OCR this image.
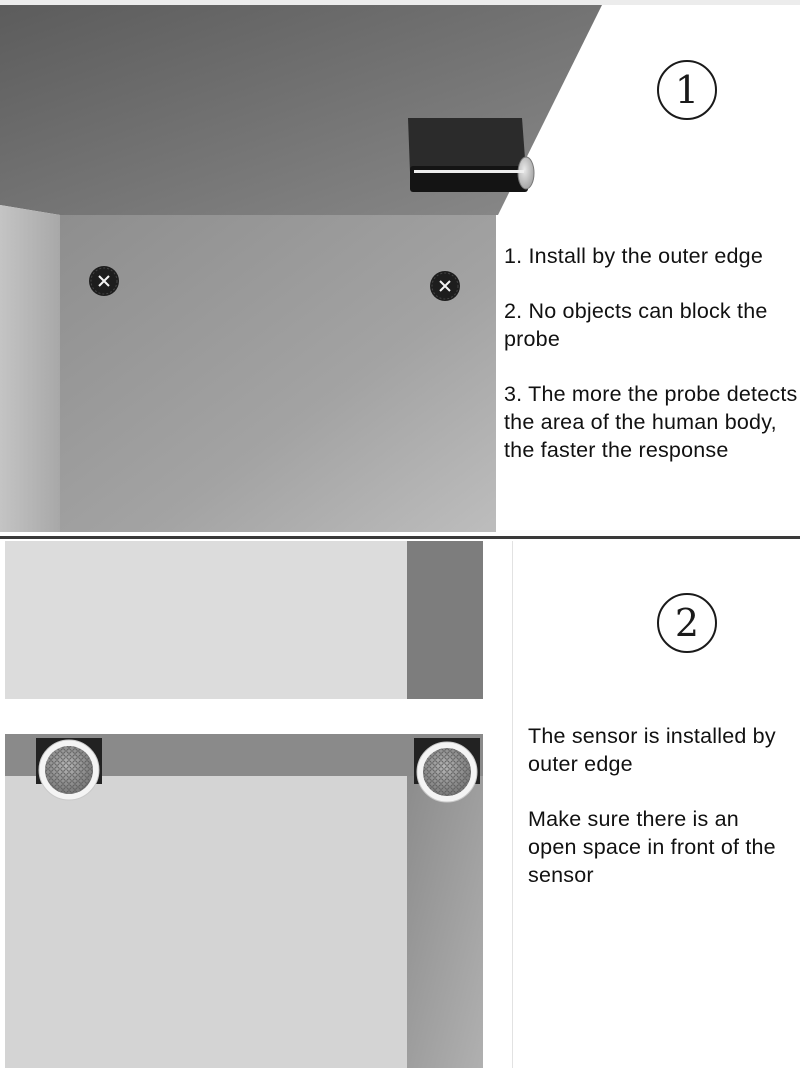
1

1. Install by the outer edge

2. No objects can block the probe

3. The more the probe detects the area of the human body, the faster the response

2

The sensor is installed by outer edge

Make sure there is an open space in front of the sensor
